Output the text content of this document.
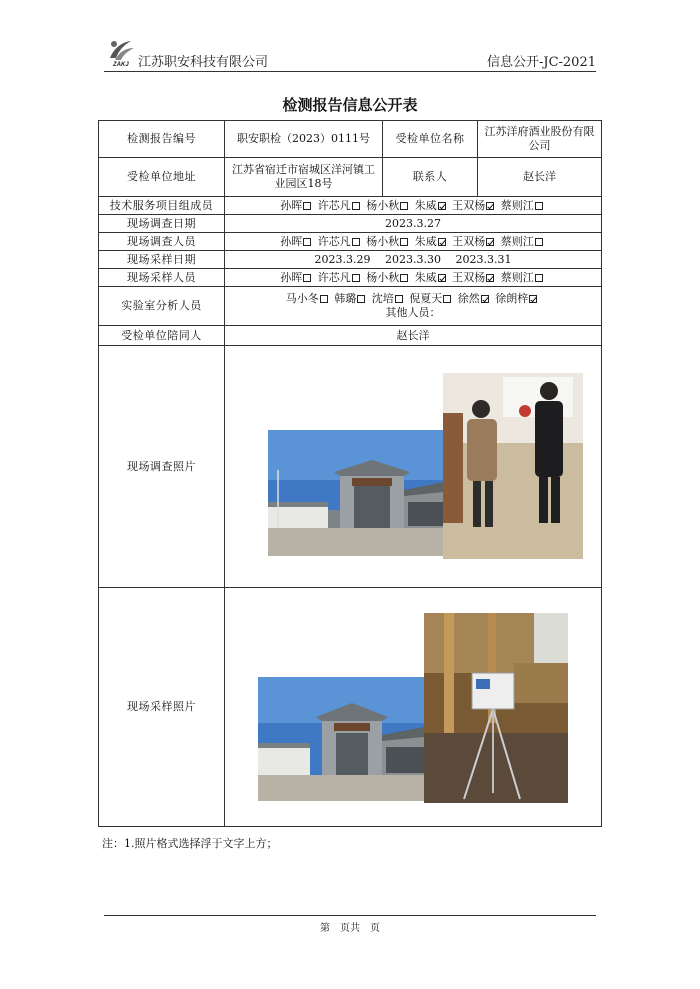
ZAKJ 江苏职安科技有限公司	信息公开-JC-2021
检测报告信息公开表
检测报告编号	职安职检（2023）0111号	受检单位名称	江苏洋府酒业股份有限公司
受检单位地址	江苏省宿迁市宿城区洋河镇工业园区18号	联系人	赵长洋
技术服务项目组成员	孙晖 许芯凡 杨小秋 朱威 王双杨 蔡则江		
现场调查日期	2023.3.27		
现场调查人员	孙晖 许芯凡 杨小秋 朱威 王双杨 蔡则江		
现场采样日期	2023.3.29　 2023.3.30　 2023.3.31		
现场采样人员	孙晖 许芯凡 杨小秋 朱威 王双杨 蔡则江		
实验室分析人员	马小冬 韩璐 沈培 倪夏天 徐然 徐朗梓
其他人员：		

受检单位陪同人	赵长洋		
现场调查照片	

现场采样照片	
注：1.照片格式选择浮于文字上方；
第　页共　页
